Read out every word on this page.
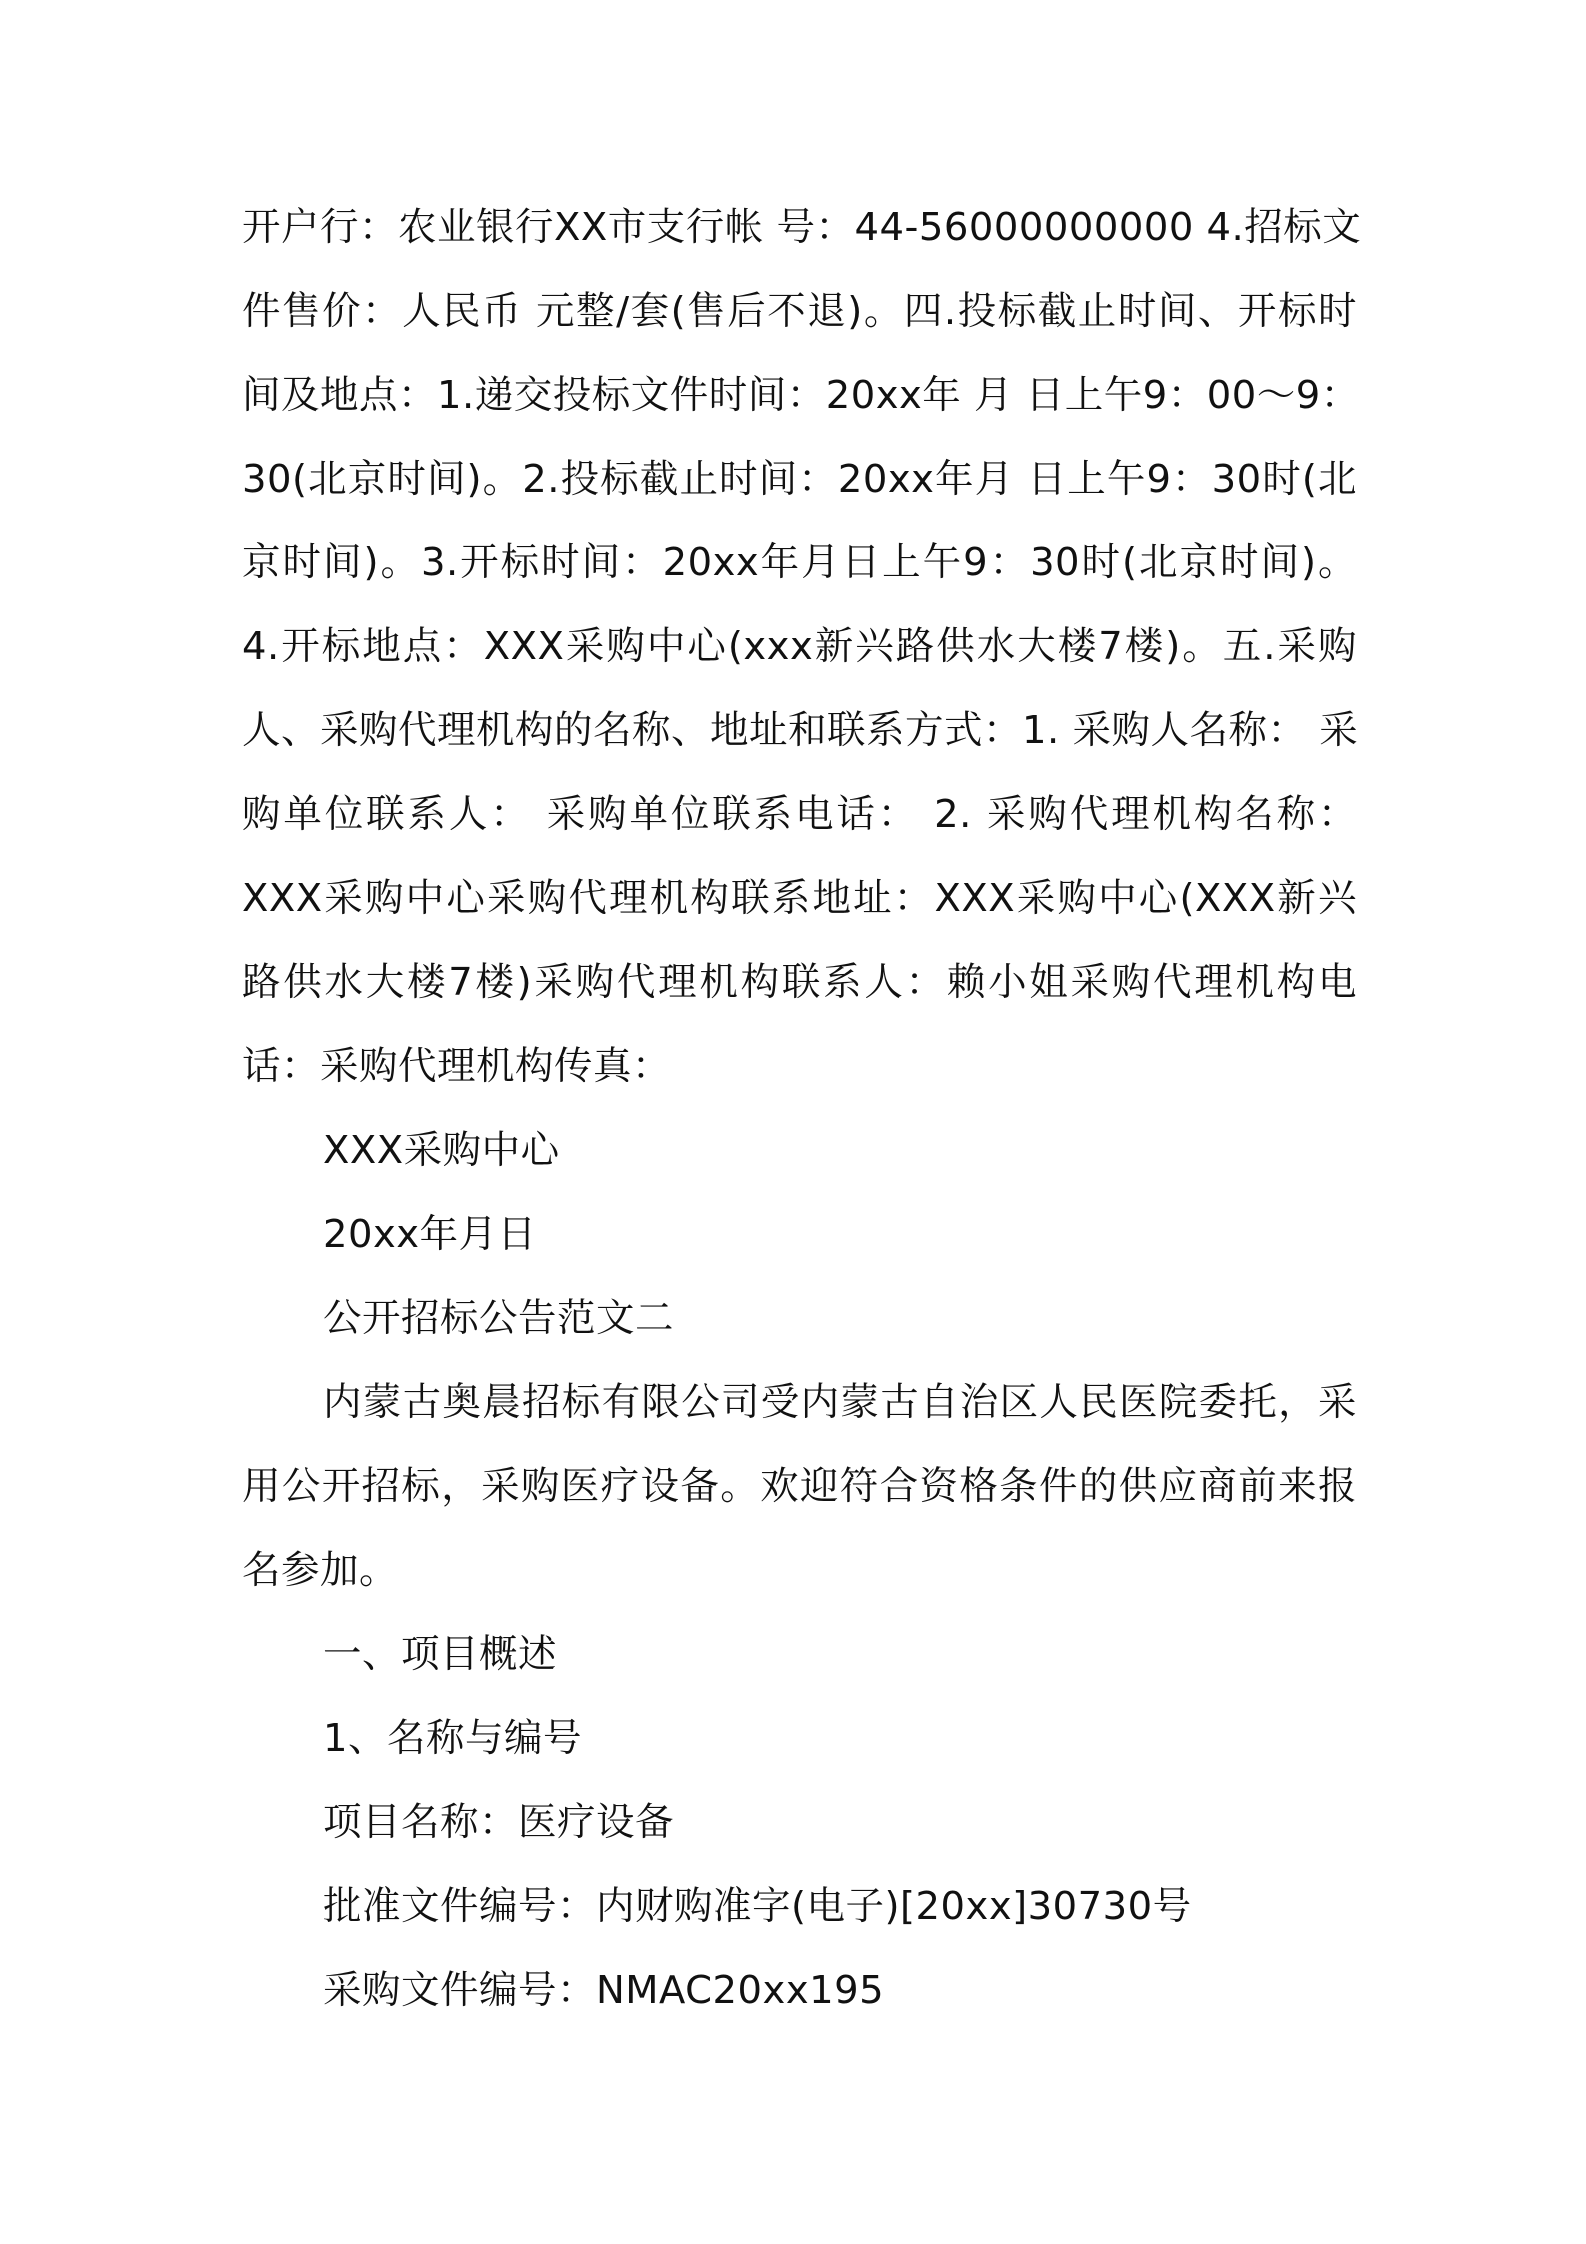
开户行：农业银行XX市支行帐 号：44-56000000000 4.招标文
件售价：人民币 元整/套(售后不退)。四.投标截止时间、开标时
间及地点：1.递交投标文件时间：20xx年 月 日上午9：00～9：
30(北京时间)。2.投标截止时间：20xx年月 日上午9：30时(北
京时间)。3.开标时间：20xx年月日上午9：30时(北京时间)。
4.开标地点：XXX采购中心(xxx新兴路供水大楼7楼)。五.采购
人、采购代理机构的名称、地址和联系方式：1. 采购人名称： 采
购单位联系人： 采购单位联系电话： 2. 采购代理机构名称：
XXX采购中心采购代理机构联系地址：XXX采购中心(XXX新兴
路供水大楼7楼)采购代理机构联系人：赖小姐采购代理机构电
话：采购代理机构传真：
XXX采购中心
20xx年月日
公开招标公告范文二
内蒙古奥晨招标有限公司受内蒙古自治区人民医院委托，采
用公开招标，采购医疗设备。欢迎符合资格条件的供应商前来报
名参加。
一、项目概述
1、名称与编号
项目名称：医疗设备
批准文件编号：内财购准字(电子)[20xx]30730号
采购文件编号：NMAC20xx195
